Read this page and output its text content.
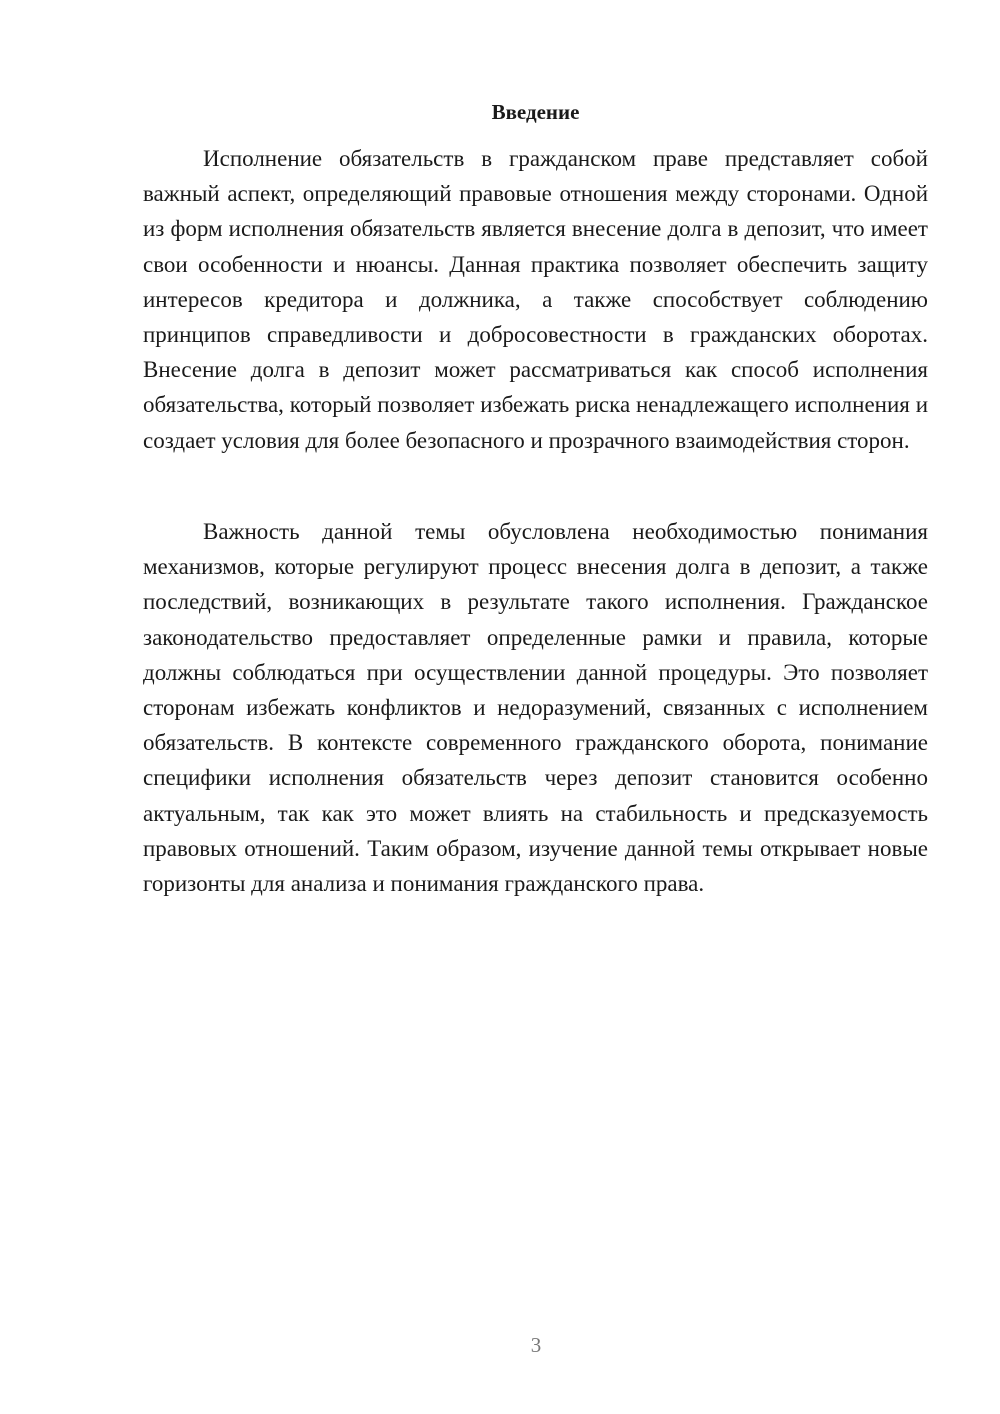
Введение

Исполнение обязательств в гражданском праве представляет собой важный аспект, определяющий правовые отношения между сторонами. Одной из форм исполнения обязательств является внесение долга в депозит, что имеет свои особенности и нюансы. Данная практика позволяет обеспечить защиту интересов кредитора и должника, а также способствует соблюдению принципов справедливости и добросовестности в гражданских оборотах. Внесение долга в депозит может рассматриваться как способ исполнения обязательства, который позволяет избежать риска ненадлежащего исполнения и создает условия для более безопасного и прозрачного взаимодействия сторон.

Важность данной темы обусловлена необходимостью понимания механизмов, которые регулируют процесс внесения долга в депозит, а также последствий, возникающих в результате такого исполнения. Гражданское законодательство предоставляет определенные рамки и правила, которые должны соблюдаться при осуществлении данной процедуры. Это позволяет сторонам избежать конфликтов и недоразумений, связанных с исполнением обязательств. В контексте современного гражданского оборота, понимание специфики исполнения обязательств через депозит становится особенно актуальным, так как это может влиять на стабильность и предсказуемость правовых отношений. Таким образом, изучение данной темы открывает новые горизонты для анализа и понимания гражданского права.

3
